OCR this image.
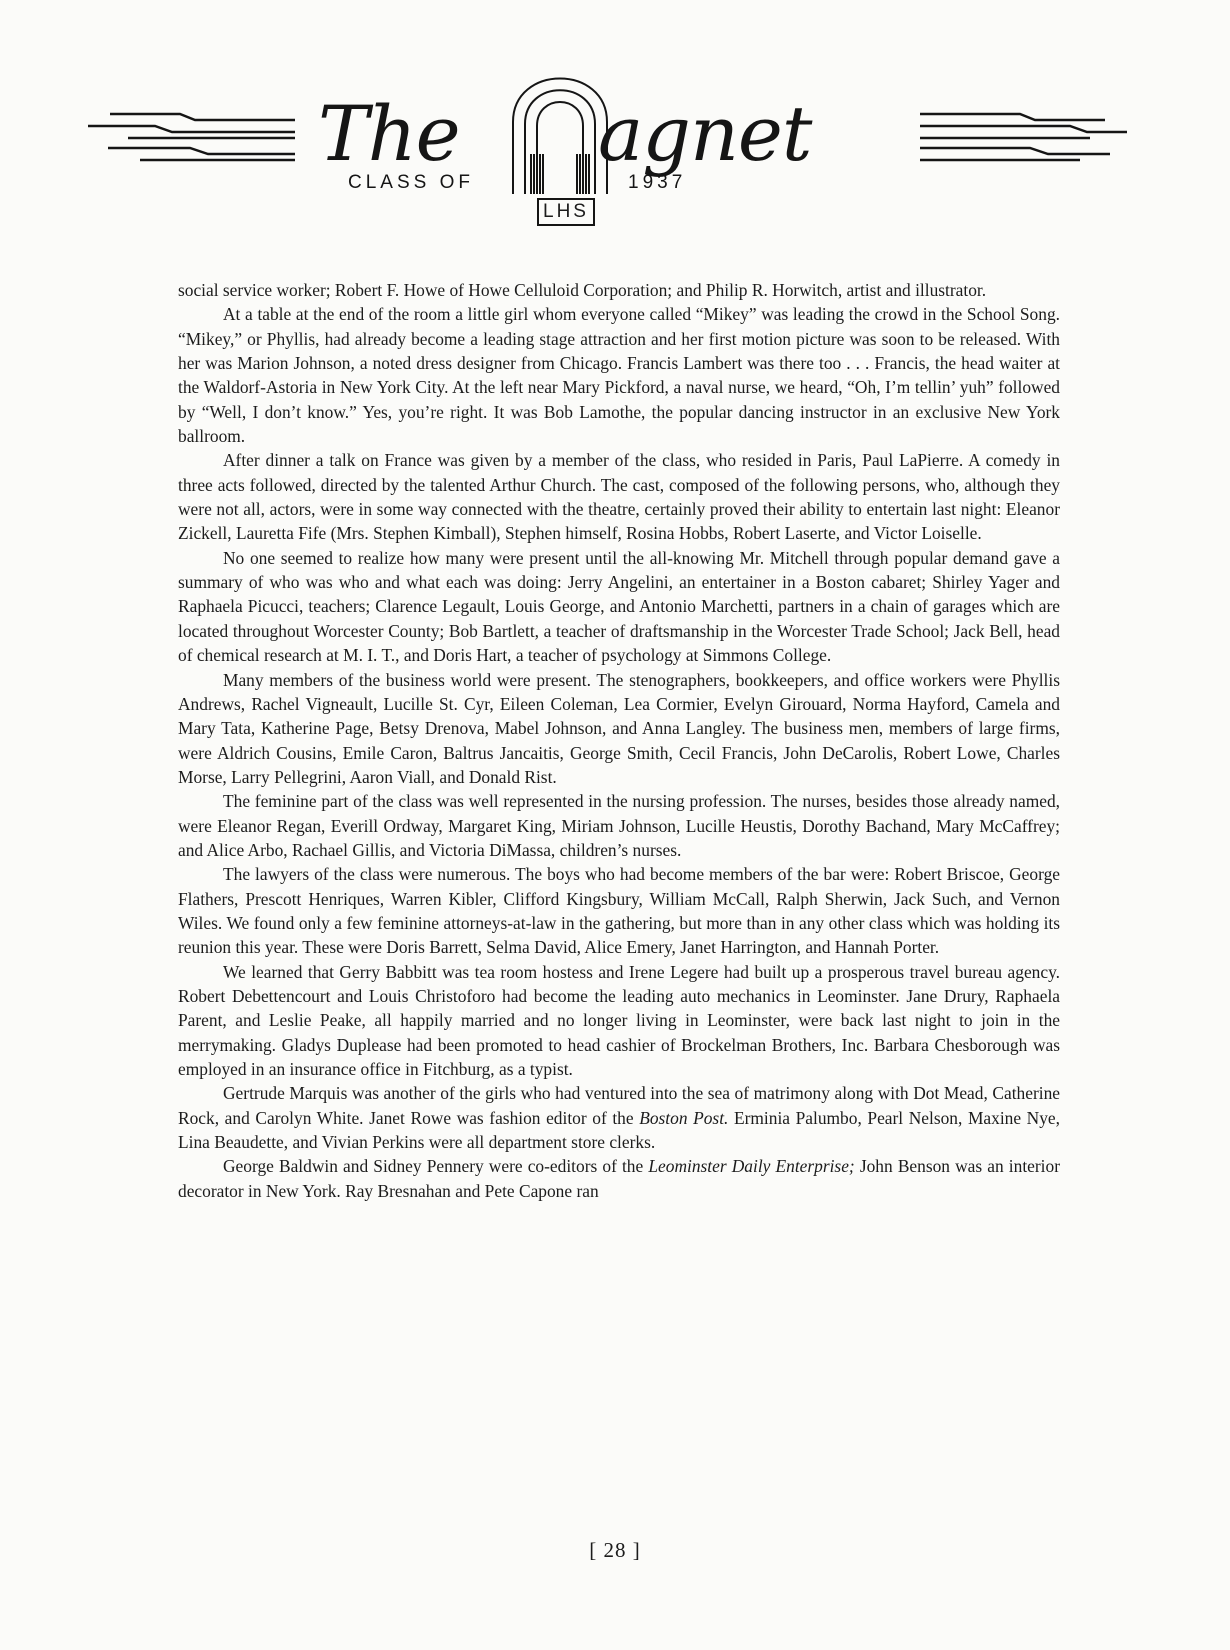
The agnet
CLASS OF	1937
LHS

social service worker; Robert F. Howe of Howe Celluloid Corporation; and Philip R. Horwitch, artist and illustrator.

At a table at the end of the room a little girl whom everyone called “Mikey” was leading the crowd in the School Song. “Mikey,” or Phyllis, had already become a leading stage attraction and her first motion picture was soon to be released. With her was Marion Johnson, a noted dress designer from Chicago. Francis Lambert was there too . . . Francis, the head waiter at the Waldorf-Astoria in New York City. At the left near Mary Pickford, a naval nurse, we heard, “Oh, I’m tellin’ yuh” followed by “Well, I don’t know.” Yes, you’re right. It was Bob Lamothe, the popular dancing instructor in an exclusive New York ballroom.

After dinner a talk on France was given by a member of the class, who resided in Paris, Paul LaPierre. A comedy in three acts followed, directed by the talented Arthur Church. The cast, composed of the following persons, who, although they were not all, actors, were in some way connected with the theatre, certainly proved their ability to entertain last night: Eleanor Zickell, Lauretta Fife (Mrs. Stephen Kimball), Stephen himself, Rosina Hobbs, Robert Laserte, and Victor Loiselle.

No one seemed to realize how many were present until the all-knowing Mr. Mitchell through popular demand gave a summary of who was who and what each was doing: Jerry Angelini, an entertainer in a Boston cabaret; Shirley Yager and Raphaela Picucci, teachers; Clarence Legault, Louis George, and Antonio Marchetti, partners in a chain of garages which are located throughout Worcester County; Bob Bartlett, a teacher of draftsmanship in the Worcester Trade School; Jack Bell, head of chemical research at M. I. T., and Doris Hart, a teacher of psychology at Simmons College.

Many members of the business world were present. The stenographers, bookkeepers, and office workers were Phyllis Andrews, Rachel Vigneault, Lucille St. Cyr, Eileen Coleman, Lea Cormier, Evelyn Girouard, Norma Hayford, Camela and Mary Tata, Katherine Page, Betsy Drenova, Mabel Johnson, and Anna Langley. The business men, members of large firms, were Aldrich Cousins, Emile Caron, Baltrus Jancaitis, George Smith, Cecil Francis, John DeCarolis, Robert Lowe, Charles Morse, Larry Pellegrini, Aaron Viall, and Donald Rist.

The feminine part of the class was well represented in the nursing profession. The nurses, besides those already named, were Eleanor Regan, Everill Ordway, Margaret King, Miriam Johnson, Lucille Heustis, Dorothy Bachand, Mary McCaffrey; and Alice Arbo, Rachael Gillis, and Victoria DiMassa, children’s nurses.

The lawyers of the class were numerous. The boys who had become members of the bar were: Robert Briscoe, George Flathers, Prescott Henriques, Warren Kibler, Clifford Kingsbury, William McCall, Ralph Sherwin, Jack Such, and Vernon Wiles. We found only a few feminine attorneys-at-law in the gathering, but more than in any other class which was holding its reunion this year. These were Doris Barrett, Selma David, Alice Emery, Janet Harrington, and Hannah Porter.

We learned that Gerry Babbitt was tea room hostess and Irene Legere had built up a prosperous travel bureau agency. Robert Debettencourt and Louis Christoforo had become the leading auto mechanics in Leominster. Jane Drury, Raphaela Parent, and Leslie Peake, all happily married and no longer living in Leominster, were back last night to join in the merrymaking. Gladys Duplease had been promoted to head cashier of Brockelman Brothers, Inc. Barbara Chesborough was employed in an insurance office in Fitchburg, as a typist.

Gertrude Marquis was another of the girls who had ventured into the sea of matrimony along with Dot Mead, Catherine Rock, and Carolyn White. Janet Rowe was fashion editor of the Boston Post. Erminia Palumbo, Pearl Nelson, Maxine Nye, Lina Beaudette, and Vivian Perkins were all department store clerks.

George Baldwin and Sidney Pennery were co-editors of the Leominster Daily Enterprise; John Benson was an interior decorator in New York. Ray Bresnahan and Pete Capone ran

[ 28 ]
